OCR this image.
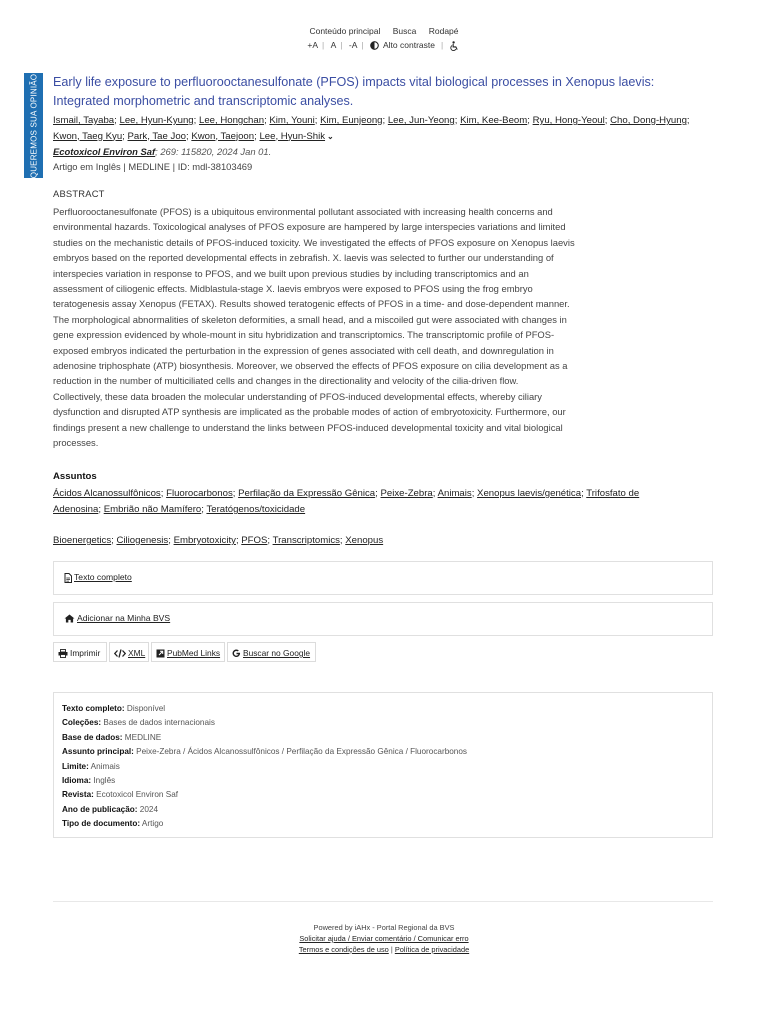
Conteúdo principal Busca Rodapé
+A | A | -A | Alto contraste |
QUEREMOS SUA OPINIÃO Early life exposure to perfluorooctanesulfonate (PFOS) impacts vital biological processes in Xenopus laevis: Integrated morphometric and transcriptomic analyses.
Ismail, Tayaba; Lee, Hyun-Kyung; Lee, Hongchan; Kim, Youni; Kim, Eunjeong; Lee, Jun-Yeong; Kim, Kee-Beom; Ryu, Hong-Yeoul; Cho, Dong-Hyung; Kwon, Taeg Kyu; Park, Tae Joo; Kwon, Taejoon; Lee, Hyun-Shik ⌄
Ecotoxicol Environ Saf; 269: 115820, 2024 Jan 01.
Artigo em Inglês | MEDLINE | ID: mdl-38103469
ABSTRACT
Perfluorooctanesulfonate (PFOS) is a ubiquitous environmental pollutant associated with increasing health concerns and
environmental hazards. Toxicological analyses of PFOS exposure are hampered by large interspecies variations and limited
studies on the mechanistic details of PFOS-induced toxicity. We investigated the effects of PFOS exposure on Xenopus laevis
embryos based on the reported developmental effects in zebrafish. X. laevis was selected to further our understanding of
interspecies variation in response to PFOS, and we built upon previous studies by including transcriptomics and an
assessment of ciliogenic effects. Midblastula-stage X. laevis embryos were exposed to PFOS using the frog embryo
teratogenesis assay Xenopus (FETAX). Results showed teratogenic effects of PFOS in a time- and dose-dependent manner.
The morphological abnormalities of skeleton deformities, a small head, and a miscoiled gut were associated with changes in
gene expression evidenced by whole-mount in situ hybridization and transcriptomics. The transcriptomic profile of PFOS-
exposed embryos indicated the perturbation in the expression of genes associated with cell death, and downregulation in
adenosine triphosphate (ATP) biosynthesis. Moreover, we observed the effects of PFOS exposure on cilia development as a
reduction in the number of multiciliated cells and changes in the directionality and velocity of the cilia-driven flow.
Collectively, these data broaden the molecular understanding of PFOS-induced developmental effects, whereby ciliary
dysfunction and disrupted ATP synthesis are implicated as the probable modes of action of embryotoxicity. Furthermore, our
findings present a new challenge to understand the links between PFOS-induced developmental toxicity and vital biological
processes.
Assuntos
Ácidos Alcanossulfônicos; Fluorocarbonos; Perfilação da Expressão Gênica; Peixe-Zebra; Animais; Xenopus laevis/genética; Trifosfato de
Adenosina; Embrião não Mamífero; Teratógenos/toxicidade
Bioenergetics; Ciliogenesis; Embryotoxicity; PFOS; Transcriptomics; Xenopus
Texto completo
Adicionar na Minha BVS
Imprimir	XML	PubMed Links	Buscar no Google
Texto completo: Disponível
Coleções: Bases de dados internacionais
Base de dados: MEDLINE
Assunto principal: Peixe-Zebra / Ácidos Alcanossulfônicos / Perfilação da Expressão Gênica / Fluorocarbonos
Limite: Animais
Idioma: Inglês
Revista: Ecotoxicol Environ Saf
Ano de publicação: 2024
Tipo de documento: Artigo
Powered by iAHx - Portal Regional da BVS
Solicitar ajuda / Enviar comentário / Comunicar erro
Termos e condições de uso | Política de privacidade
